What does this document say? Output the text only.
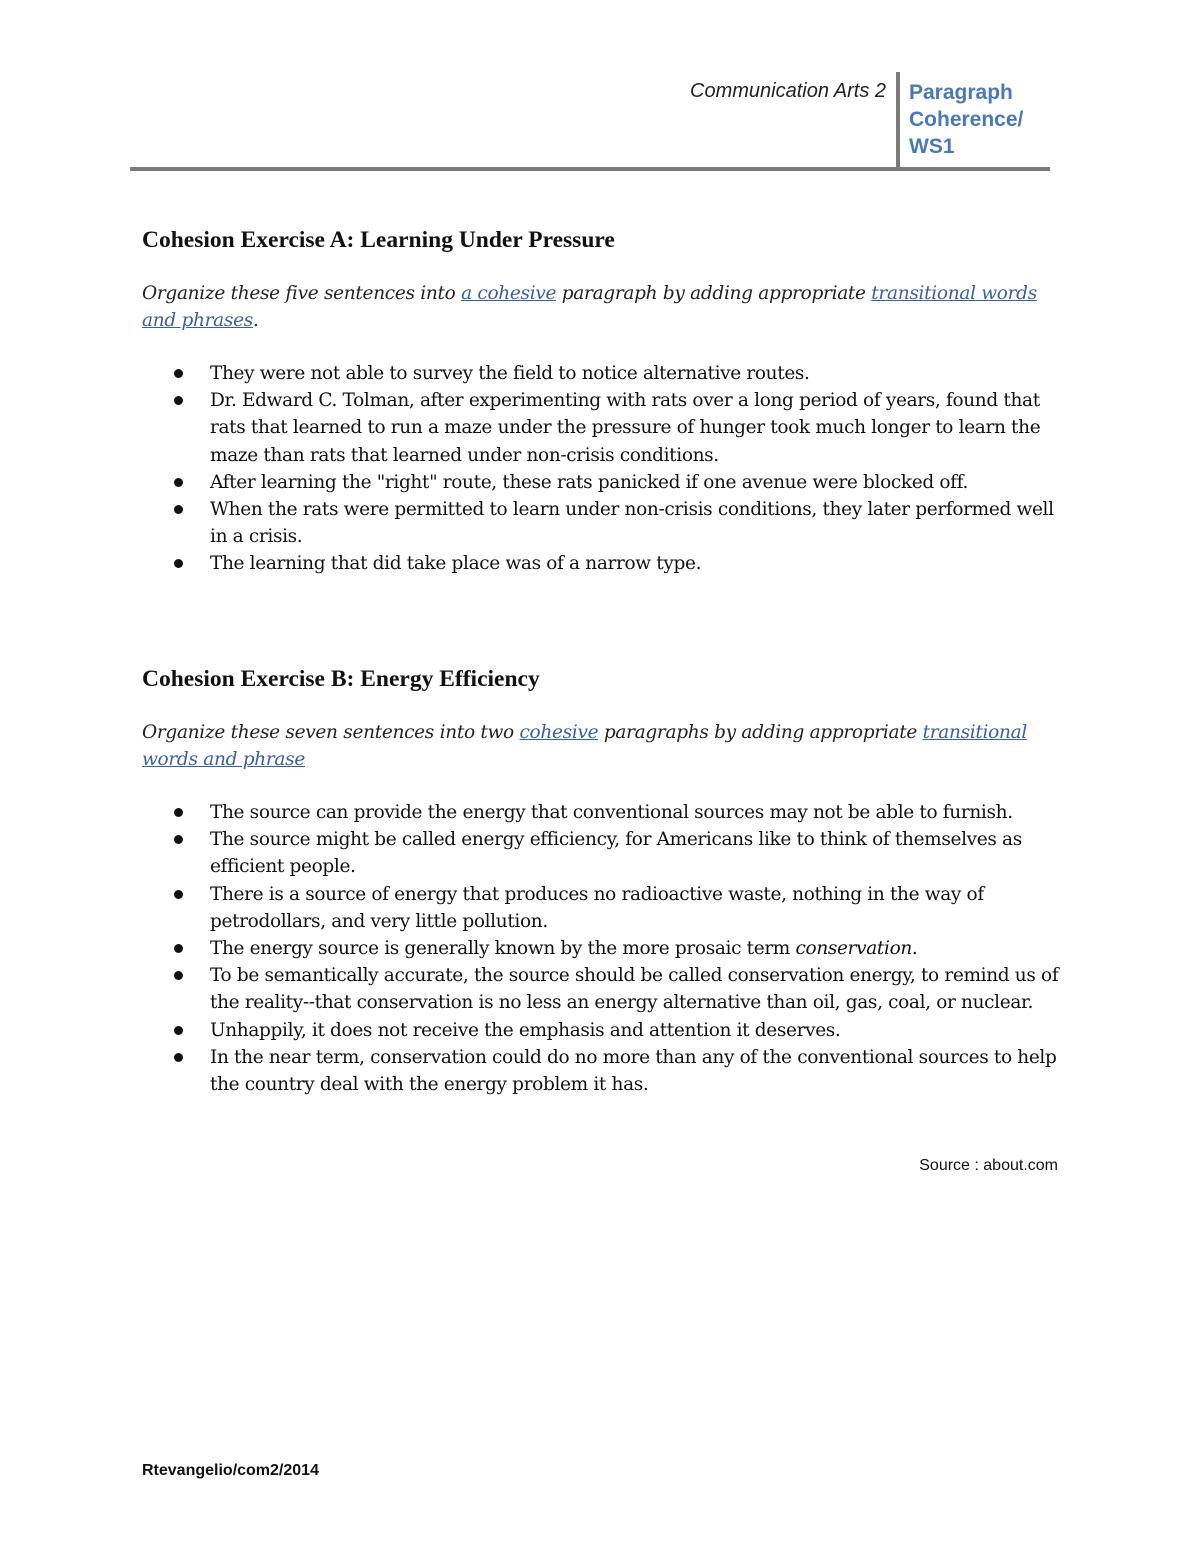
Communication Arts 2 Paragraph
Coherence/
WS1
Cohesion Exercise A: Learning Under Pressure

Organize these five sentences into a cohesive paragraph by adding appropriate transitional words and phrases.

They were not able to survey the field to notice alternative routes.
Dr. Edward C. Tolman, after experimenting with rats over a long period of years, found that rats that learned to run a maze under the pressure of hunger took much longer to learn the maze than rats that learned under non-crisis conditions.
After learning the "right" route, these rats panicked if one avenue were blocked off.
When the rats were permitted to learn under non-crisis conditions, they later performed well in a crisis.
The learning that did take place was of a narrow type.
Cohesion Exercise B: Energy Efficiency

Organize these seven sentences into two cohesive paragraphs by adding appropriate transitional words and phrase

The source can provide the energy that conventional sources may not be able to furnish.
The source might be called energy efficiency, for Americans like to think of themselves as efficient people.
There is a source of energy that produces no radioactive waste, nothing in the way of petrodollars, and very little pollution.
The energy source is generally known by the more prosaic term conservation.
To be semantically accurate, the source should be called conservation energy, to remind us of the reality--that conservation is no less an energy alternative than oil, gas, coal, or nuclear.
Unhappily, it does not receive the emphasis and attention it deserves.
In the near term, conservation could do no more than any of the conventional sources to help the country deal with the energy problem it has.
Source : about.com
Rtevangelio/com2/2014
